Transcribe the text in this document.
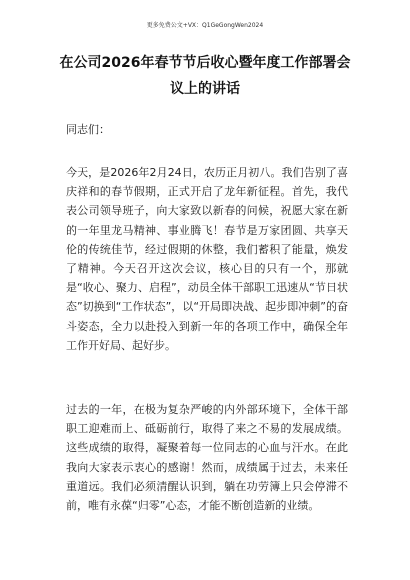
更多免费公文+VX：Q1GeGongWen2024
在公司2026年春节节后收心暨年度工作部署会议上的讲话
同志们：

今天，是2026年2月24日，农历正月初八。我们告别了喜庆祥和的春节假期，正式开启了龙年新征程。首先，我代表公司领导班子，向大家致以新春的问候，祝愿大家在新的一年里龙马精神、事业腾飞！春节是万家团圆、共享天伦的传统佳节，经过假期的休整，我们蓄积了能量，焕发了精神。今天召开这次会议，核心目的只有一个，那就是“收心、聚力、启程”，动员全体干部职工迅速从“节日状态”切换到“工作状态”，以“开局即决战、起步即冲刺”的奋斗姿态，全力以赴投入到新一年的各项工作中，确保全年工作开好局、起好步。

过去的一年，在极为复杂严峻的内外部环境下，全体干部职工迎难而上、砥砺前行，取得了来之不易的发展成绩。这些成绩的取得，凝聚着每一位同志的心血与汗水。在此我向大家表示衷心的感谢！然而，成绩属于过去，未来任重道远。我们必须清醒认识到，躺在功劳簿上只会停滞不前，唯有永葆“归零”心态，才能不断创造新的业绩。
